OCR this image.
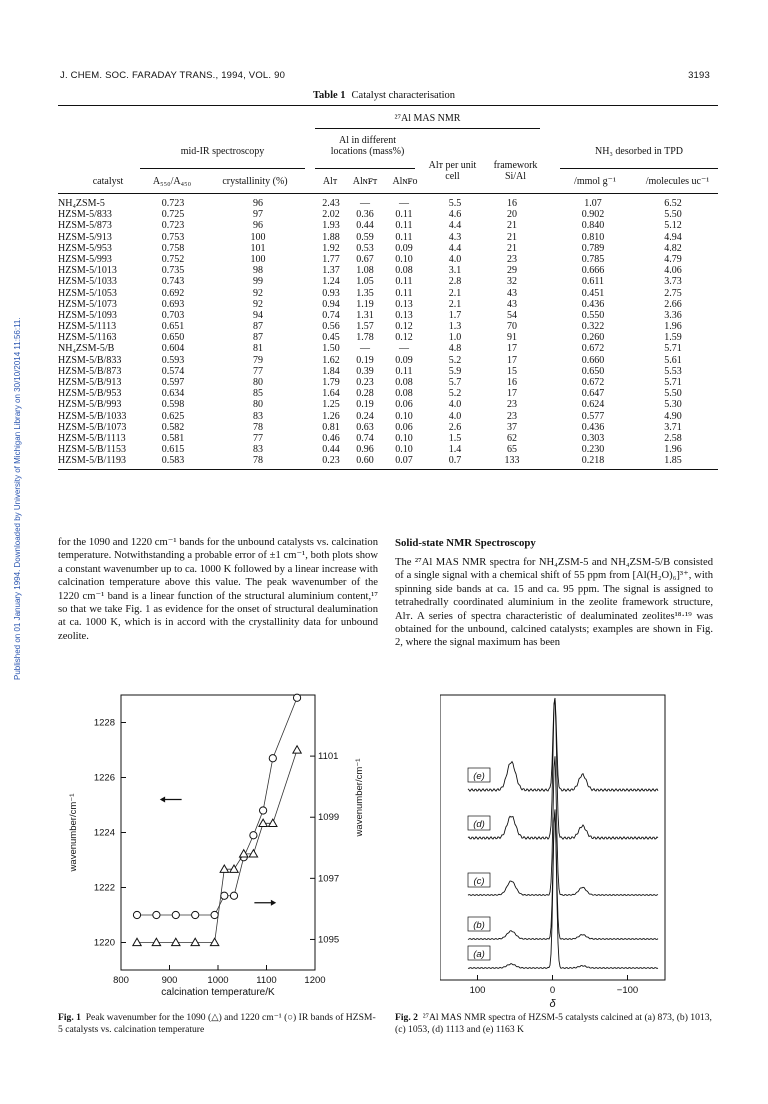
J. CHEM. SOC. FARADAY TRANS., 1994, VOL. 90	3193
Published on 01 January 1994. Downloaded by University of Michigan Library on 30/10/2014 11:56:11.
Table 1 Catalyst characterisation
²⁷Al MAS NMR
mid-IR spectroscopy
Al in different locations (mass%)	NH₃ desorbed in TPD
Alᴛ per unit cell
framework Si/Al
catalyst	A₅₅₀/A₄₅₀	crystallinity (%)	Alᴛ	Alɴꜰᴛ	Alɴꜰᴏ	/mmol g⁻¹	/molecules uc⁻¹
NH₄ZSM-5	0.723	96	2.43 —	—	5.5	16	1.07	6.52
HZSM-5/833	0.725	97	2.02 0.36 0.11	4.6	20	0.902	5.50
HZSM-5/873	0.723	96	1.93 0.44 0.11	4.4	21	0.840	5.12
HZSM-5/913	0.753	100	1.88 0.59 0.11	4.3	21	0.810	4.94
HZSM-5/953	0.758	101	1.92 0.53 0.09	4.4	21	0.789	4.82
HZSM-5/993	0.752	100	1.77 0.67 0.10	4.0	23	0.785	4.79
HZSM-5/1013	0.735	98	1.37 1.08 0.08	3.1	29	0.666	4.06
HZSM-5/1033	0.743	99	1.24 1.05 0.11	2.8	32	0.611	3.73
HZSM-5/1053	0.692	92	0.93 1.35 0.11	2.1	43	0.451	2.75
HZSM-5/1073	0.693	92	0.94 1.19 0.13	2.1	43	0.436	2.66
HZSM-5/1093	0.703	94	0.74 1.31 0.13	1.7	54	0.550	3.36
HZSM-5/1113	0.651	87	0.56 1.57 0.12	1.3	70	0.322	1.96
HZSM-5/1163	0.650	87	0.45 1.78 0.12	1.0	91	0.260	1.59
NH₄ZSM-5/B	0.604	81	1.50 —	—	4.8	17	0.672	5.71
HZSM-5/B/833	0.593	79	1.62 0.19 0.09	5.2	17	0.660	5.61
HZSM-5/B/873	0.574	77	1.84 0.39 0.11	5.9	15	0.650	5.53
HZSM-5/B/913	0.597	80	1.79 0.23 0.08	5.7	16	0.672	5.71
HZSM-5/B/953	0.634	85	1.64 0.28 0.08	5.2	17	0.647	5.50
HZSM-5/B/993	0.598	80	1.25 0.19 0.06	4.0	23	0.624	5.30
HZSM-5/B/1033	0.625	83	1.26 0.24 0.10	4.0	23	0.577	4.90
HZSM-5/B/1073	0.582	78	0.81 0.63 0.06	2.6	37	0.436	3.71
HZSM-5/B/1113	0.581	77	0.46 0.74 0.10	1.5	62	0.303	2.58
HZSM-5/B/1153	0.615	83	0.44 0.96 0.10	1.4	65	0.230	1.96
HZSM-5/B/1193	0.583	78	0.23 0.60 0.07	0.7	133	0.218	1.85
for the 1090 and 1220 cm⁻¹ bands for the unbound catalysts vs. calcination temperature. Notwithstanding a probable error of ±1 cm⁻¹, both plots show a constant wavenumber up to ca. 1000 K followed by a linear increase with calcination temperature above this value. The peak wavenumber of the 1220 cm⁻¹ band is a linear function of the structural aluminium content,¹⁷ so that we take Fig. 1 as evidence for the onset of structural dealumination at ca. 1000 K, which is in accord with the crystallinity data for unbound zeolite.
Solid-state NMR Spectroscopy
The ²⁷Al MAS NMR spectra for NH₄ZSM-5 and NH₄ZSM-5/B consisted of a single signal with a chemical shift of 55 ppm from [Al(H₂O)₆]³⁺, with spinning side bands at ca. 15 and ca. 95 ppm. The signal is assigned to tetrahedrally coordinated aluminium in the zeolite framework structure, Alᴛ. A series of spectra characteristic of dealuminated zeolites¹⁸·¹⁹ was obtained for the unbound, calcined catalysts; examples are shown in Fig. 2, where the signal maximum has been
800	900	1000	1100	1200
1220
1222
1224
1226
1228
1095
1097
1099
1101
calcination temperature/K
wavenumber/cm⁻¹	wavenumber/cm⁻¹
Fig. 1 Peak wavenumber for the 1090 (△) and 1220 cm⁻¹ (○) IR bands of HZSM-5 catalysts vs. calcination temperature
100	0	−100
δ
(a)
(b)
(c)
(d)
(e)
Fig. 2 ²⁷Al MAS NMR spectra of HZSM-5 catalysts calcined at (a) 873, (b) 1013, (c) 1053, (d) 1113 and (e) 1163 K
